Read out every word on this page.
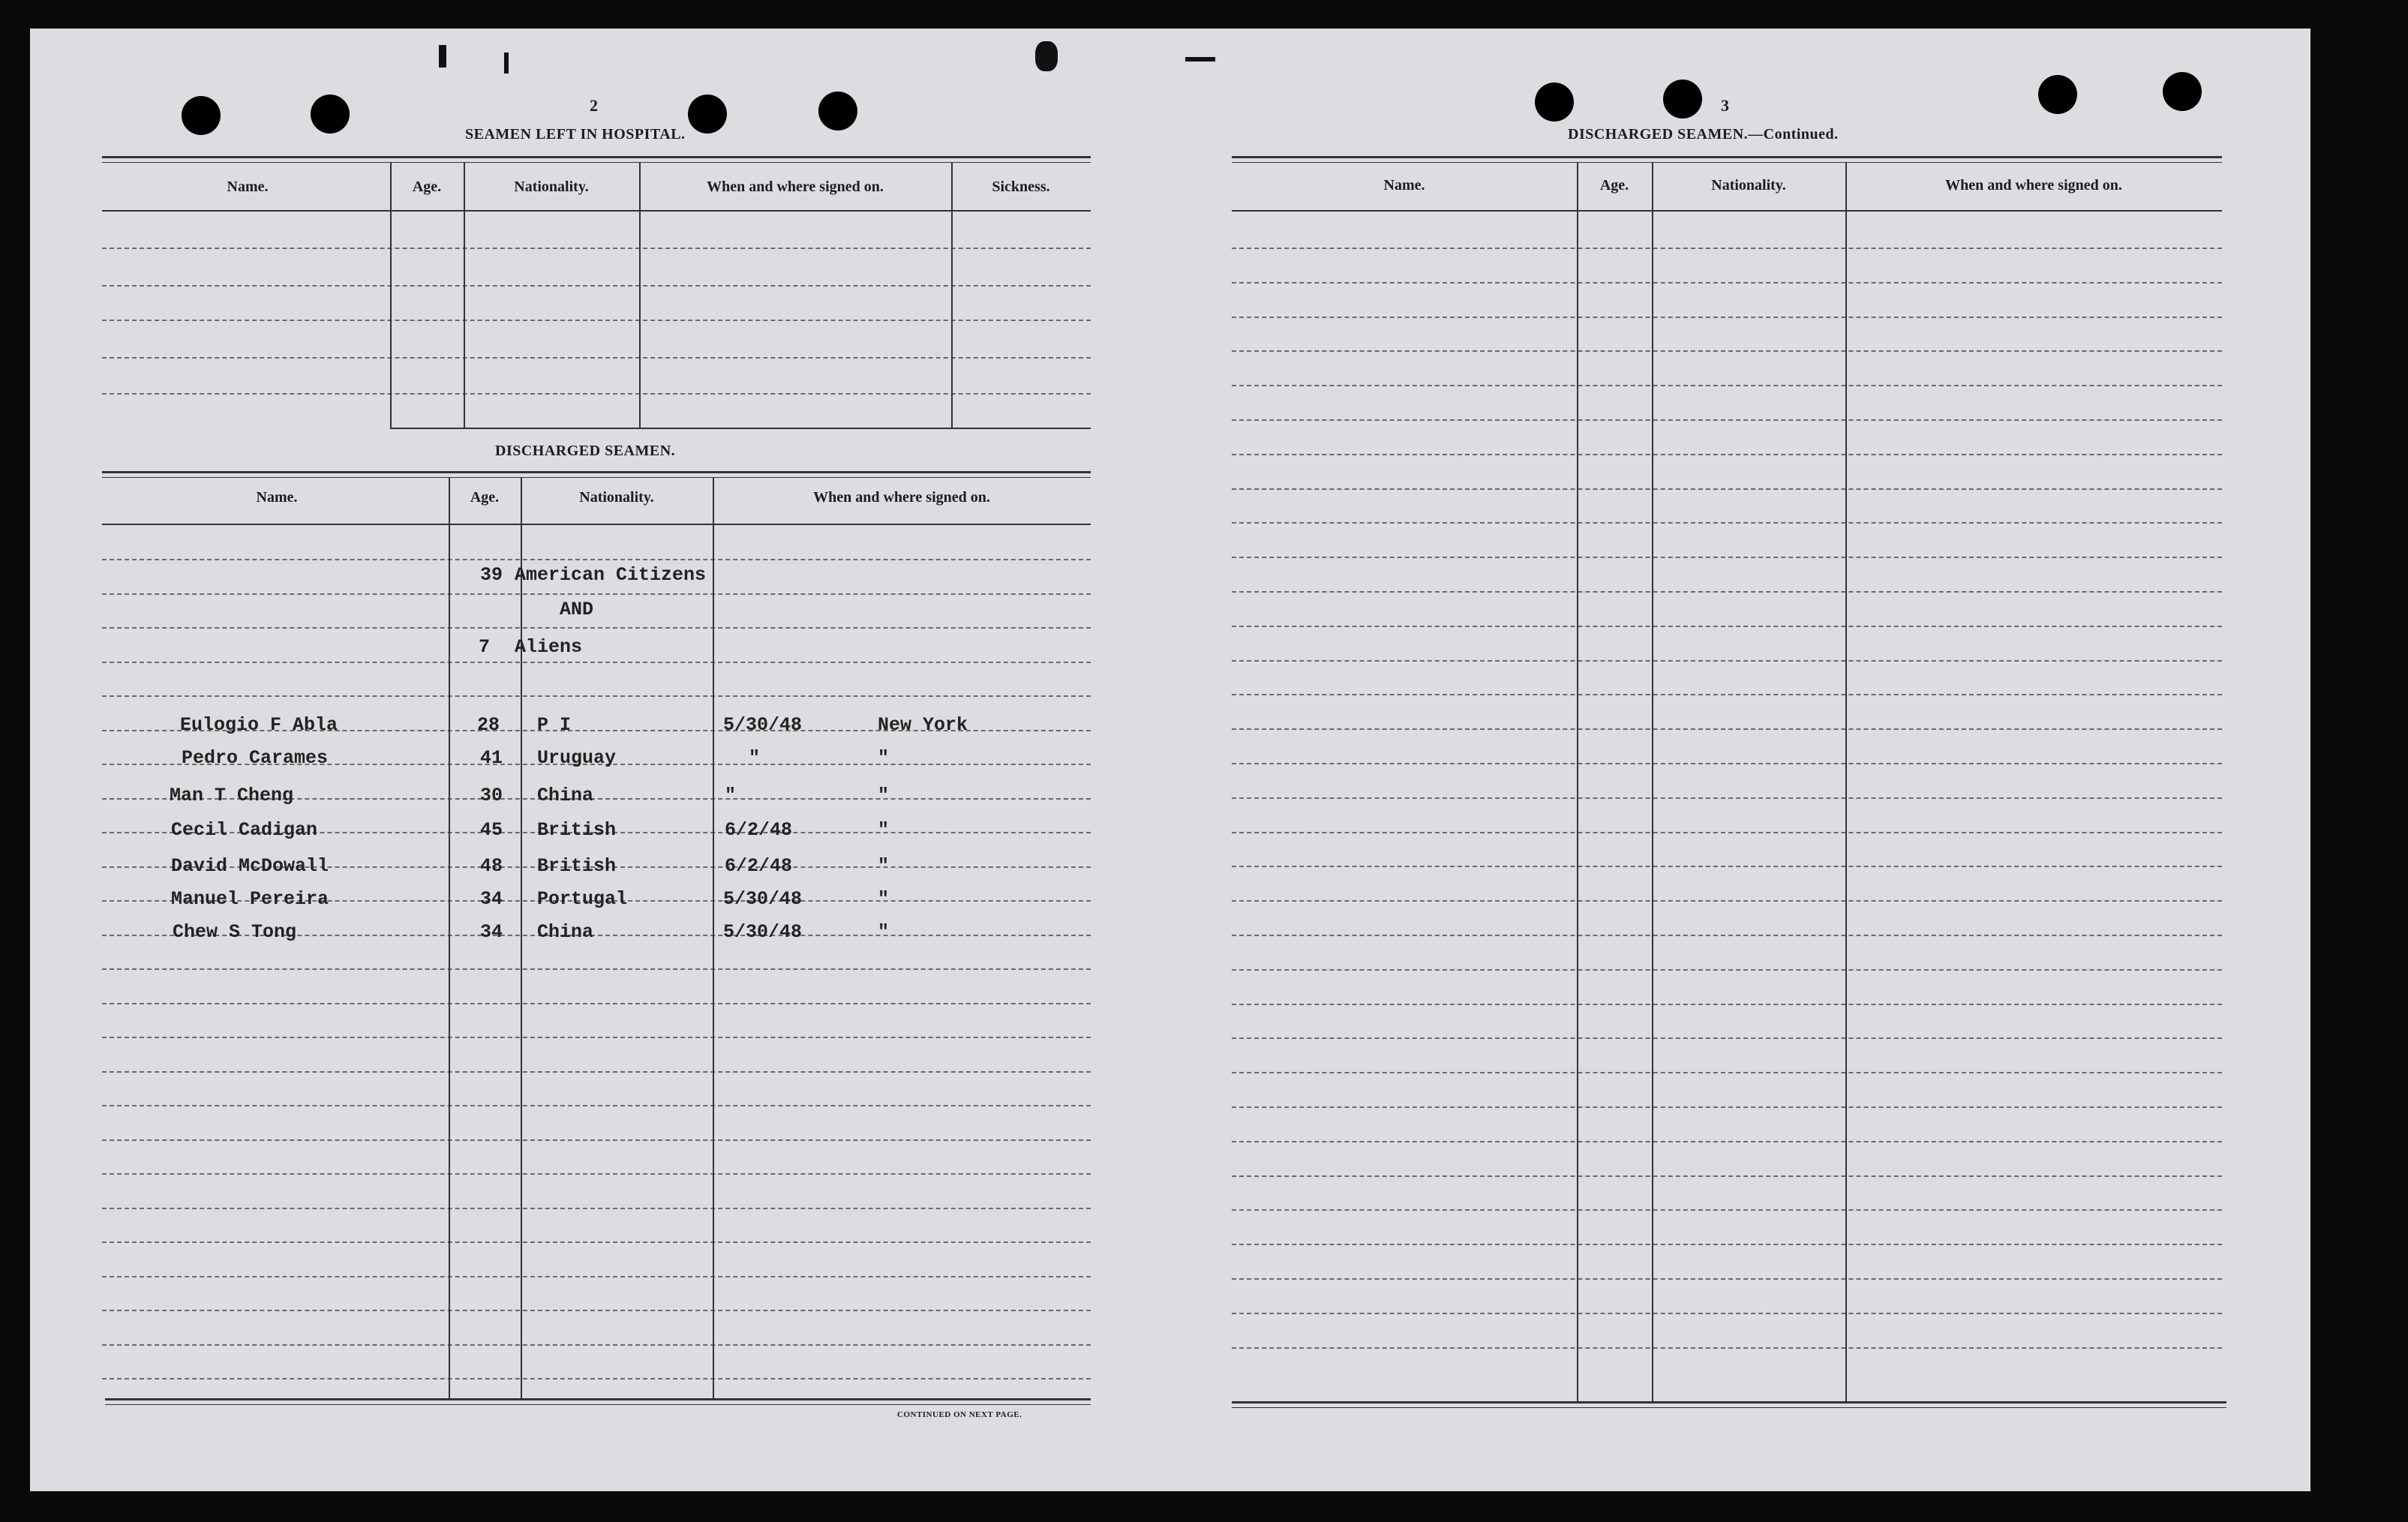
2
SEAMEN LEFT IN HOSPITAL.
Name.	Age.	Nationality.	When and where signed on.	Sickness.
DISCHARGED SEAMEN.
Name.	Age.	Nationality.	When and where signed on.
39 American Citizens
AND
7 Aliens
Eulogio F Abla	28 P I	5/30/48	New York
Pedro Carames	41 Uruguay	"	"
Man T Cheng	30 China	"	"
Cecil Cadigan	45 British	6/2/48	"
David McDowall	48 British	6/2/48	"
Manuel Pereira	34 Portugal	5/30/48	"
Chew S Tong	34 China	5/30/48	"
CONTINUED ON NEXT PAGE.
3
DISCHARGED SEAMEN.—Continued.
Name.	Age.	Nationality.	When and where signed on.
